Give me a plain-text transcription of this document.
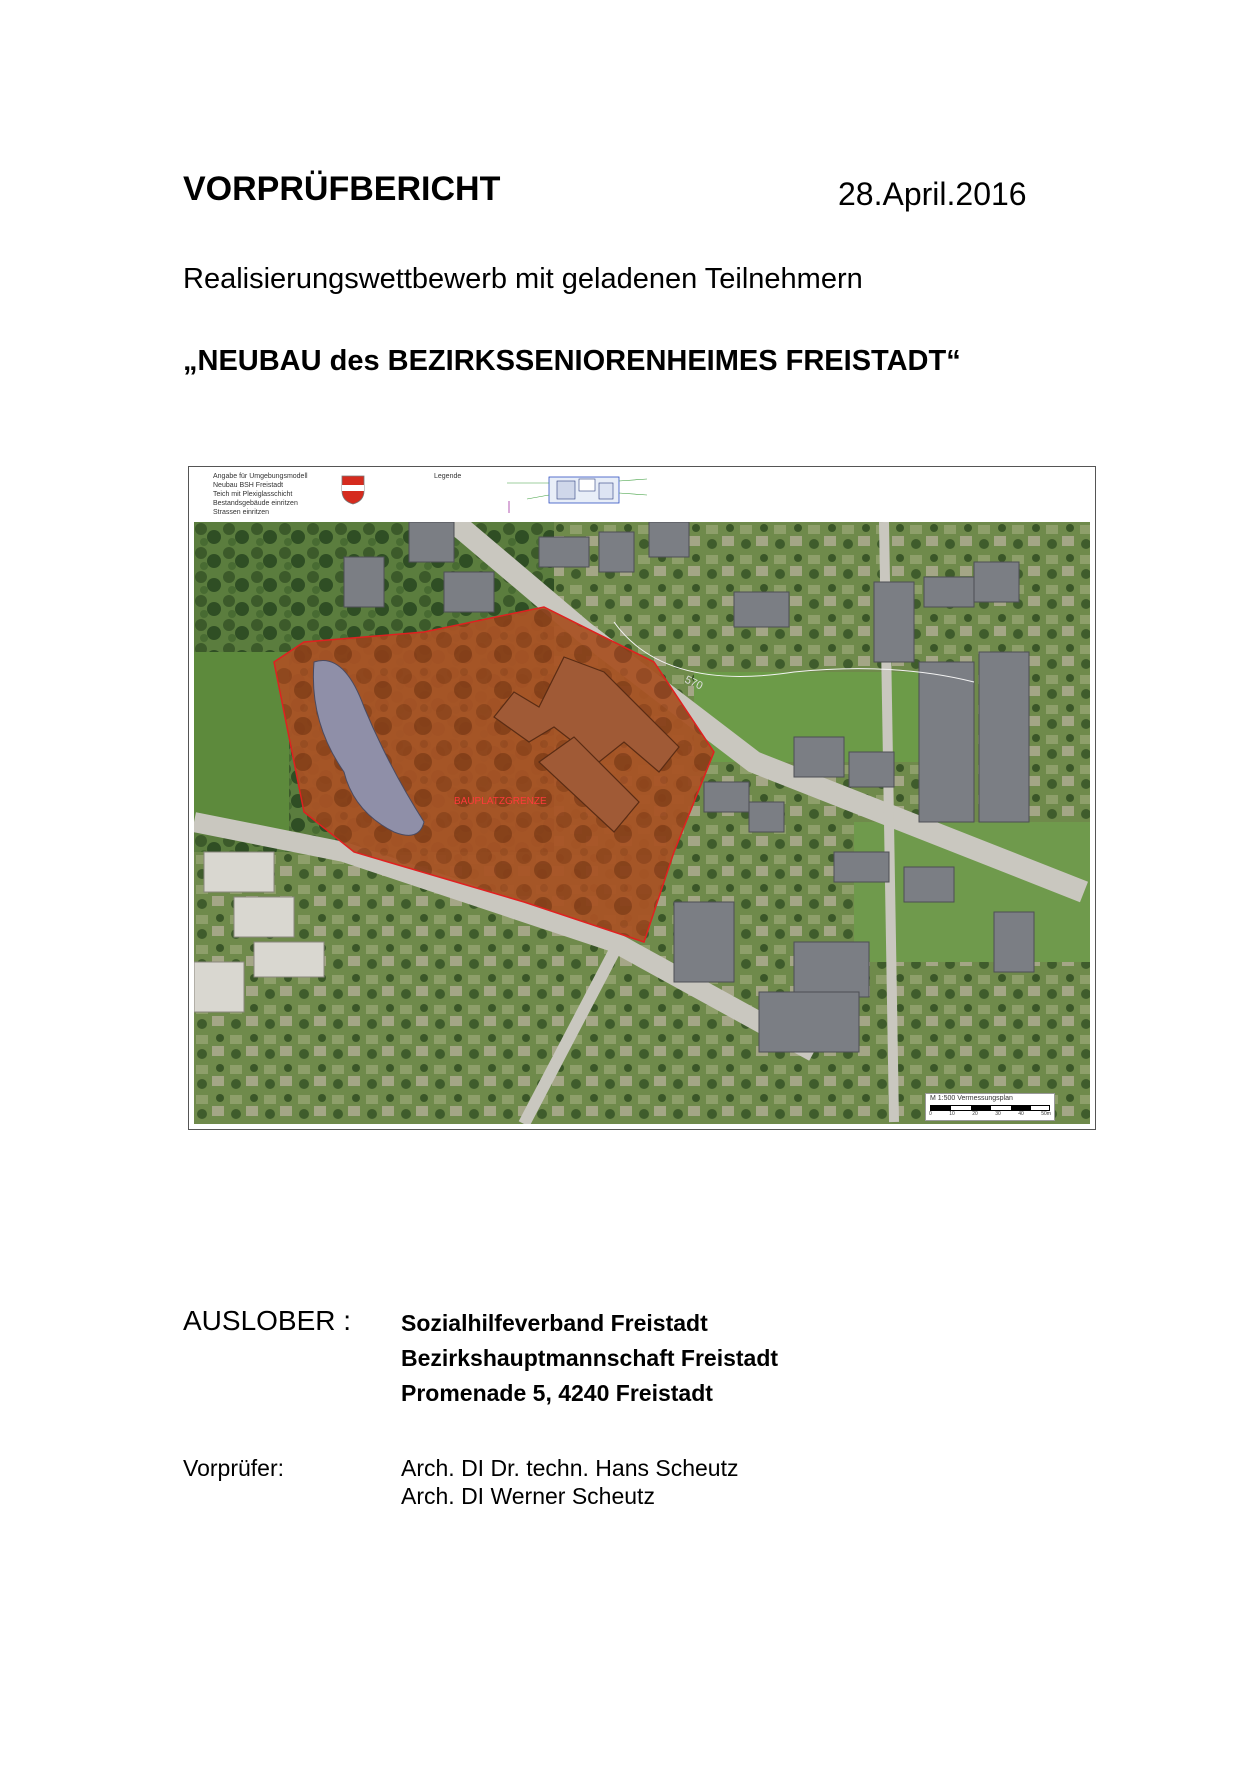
VORPRÜFBERICHT	28.April.2016
Realisierungswettbewerb mit geladenen Teilnehmern
„NEUBAU des BEZIRKSSENIORENHEIMES FREISTADT“
Angabe für Umgebungsmodell
Neubau BSH Freistadt
Teich mit Plexiglasschicht
Bestandsgebäude einritzen
Strassen einritzen
Legende
BAUPLATZGRENZE
570
M 1:500 Vermessungsplan
0	10	20	30	40	50m
AUSLOBER : Sozialhilfeverband Freistadt
Bezirkshauptmannschaft Freistadt
Promenade 5, 4240 Freistadt
Vorprüfer:	Arch. DI Dr. techn. Hans Scheutz
Arch. DI Werner Scheutz
